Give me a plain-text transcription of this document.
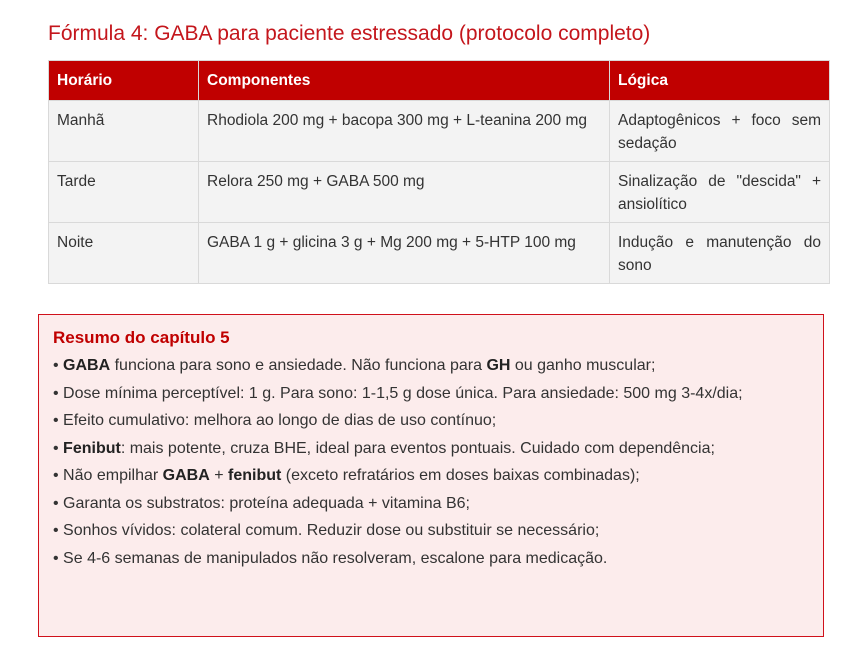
Fórmula 4: GABA para paciente estressado (protocolo completo)
Horário	Componentes	Lógica
Manhã	Rhodiola 200 mg + bacopa 300 mg + L-teanina 200 mg	Adaptogênicos + foco sem sedação
Tarde	Relora 250 mg + GABA 500 mg	Sinalização de "descida" + ansiolítico
Noite	GABA 1 g + glicina 3 g + Mg 200 mg + 5-HTP 100 mg	Indução e manutenção do sono
Resumo do capítulo 5
• GABA funciona para sono e ansiedade. Não funciona para GH ou ganho muscular;
• Dose mínima perceptível: 1 g. Para sono: 1-1,5 g dose única. Para ansiedade: 500 mg 3-4x/dia;
• Efeito cumulativo: melhora ao longo de dias de uso contínuo;
• Fenibut: mais potente, cruza BHE, ideal para eventos pontuais. Cuidado com dependência;
• Não empilhar GABA + fenibut (exceto refratários em doses baixas combinadas);
• Garanta os substratos: proteína adequada + vitamina B6;
• Sonhos vívidos: colateral comum. Reduzir dose ou substituir se necessário;
• Se 4-6 semanas de manipulados não resolveram, escalone para medicação.
